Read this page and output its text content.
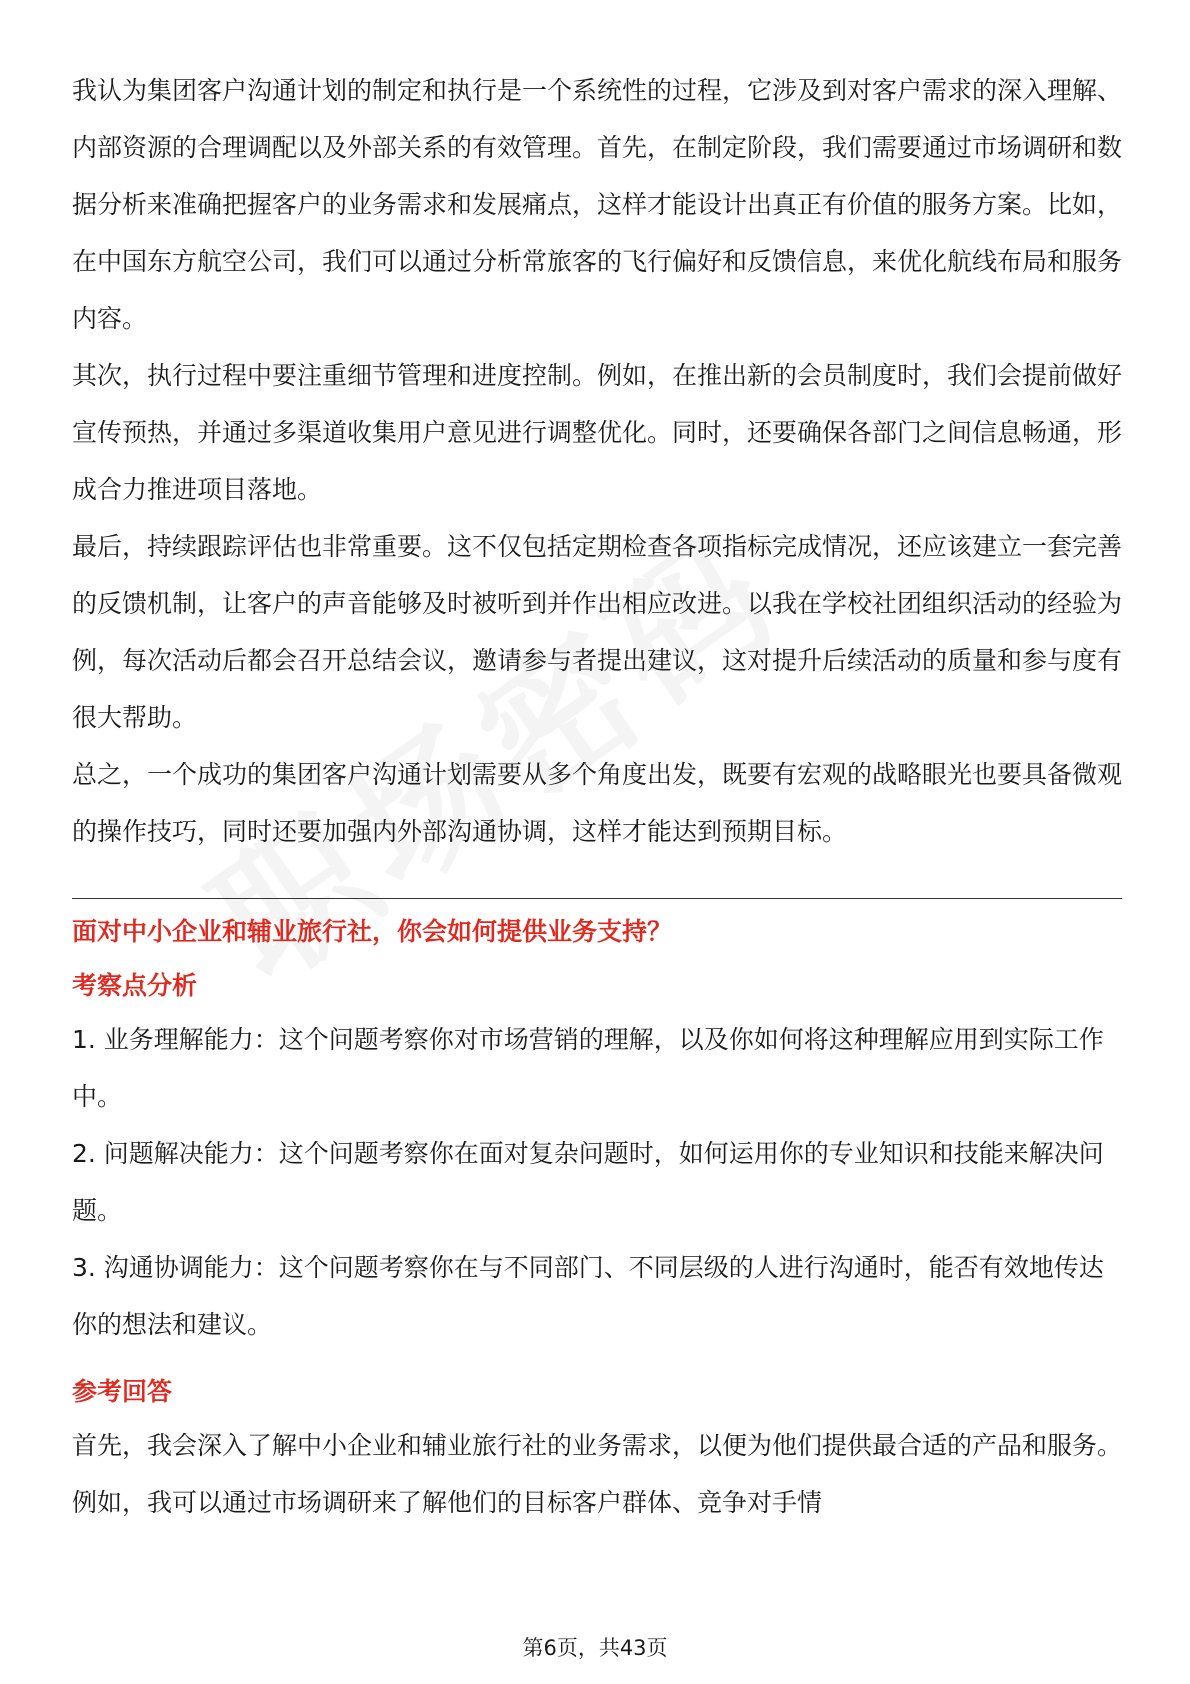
我认为集团客户沟通计划的制定和执行是一个系统性的过程，它涉及到对客户需求的深入理解、内部资源的合理调配以及外部关系的有效管理。首先，在制定阶段，我们需要通过市场调研和数据分析来准确把握客户的业务需求和发展痛点，这样才能设计出真正有价值的服务方案。比如，在中国东方航空公司，我们可以通过分析常旅客的飞行偏好和反馈信息，来优化航线布局和服务内容。

其次，执行过程中要注重细节管理和进度控制。例如，在推出新的会员制度时，我们会提前做好宣传预热，并通过多渠道收集用户意见进行调整优化。同时，还要确保各部门之间信息畅通，形成合力推进项目落地。

最后，持续跟踪评估也非常重要。这不仅包括定期检查各项指标完成情况，还应该建立一套完善的反馈机制，让客户的声音能够及时被听到并作出相应改进。以我在学校社团组织活动的经验为例，每次活动后都会召开总结会议，邀请参与者提出建议，这对提升后续活动的质量和参与度有很大帮助。

总之，一个成功的集团客户沟通计划需要从多个角度出发，既要有宏观的战略眼光也要具备微观的操作技巧，同时还要加强内外部沟通协调，这样才能达到预期目标。

面对中小企业和辅业旅行社，你会如何提供业务支持？

考察点分析

1. 业务理解能力：这个问题考察你对市场营销的理解，以及你如何将这种理解应用到实际工作中。

2. 问题解决能力：这个问题考察你在面对复杂问题时，如何运用你的专业知识和技能来解决问题。

3. 沟通协调能力：这个问题考察你在与不同部门、不同层级的人进行沟通时，能否有效地传达你的想法和建议。

参考回答

首先，我会深入了解中小企业和辅业旅行社的业务需求，以便为他们提供最合适的产品和服务。例如，我可以通过市场调研来了解他们的目标客户群体、竞争对手情

第6页，共43页
